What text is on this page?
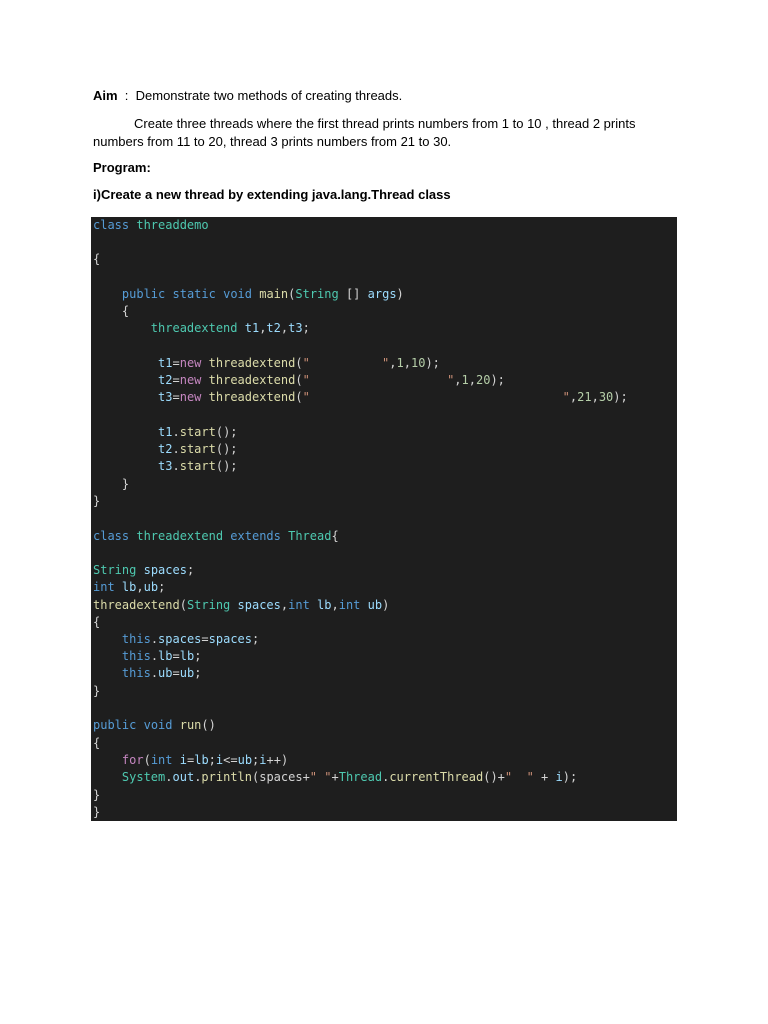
Aim  :  Demonstrate two methods of creating threads.
Create three threads where the first thread prints numbers from 1 to 10 , thread 2 prints numbers from 11 to 20, thread 3 prints numbers from 21 to 30.
Program:
i)Create a new thread by extending java.lang.Thread class
class threaddemo
{
public static void main(String [] args)
{
threadextend t1,t2,t3;
t1=new threadextend("          ",1,10);
t2=new threadextend("                   ",1,20);
t3=new threadextend("                                   ",21,30);
t1.start();
t2.start();
t3.start();
}
}
class threadextend extends Thread{
String spaces;
int lb,ub;
threadextend(String spaces,int lb,int ub)
{
this.spaces=spaces;
this.lb=lb;
this.ub=ub;
}
public void run()
{
for(int i=lb;i<=ub;i++)
System.out.println(spaces+" "+Thread.currentThread()+"  " + i);
}
}
